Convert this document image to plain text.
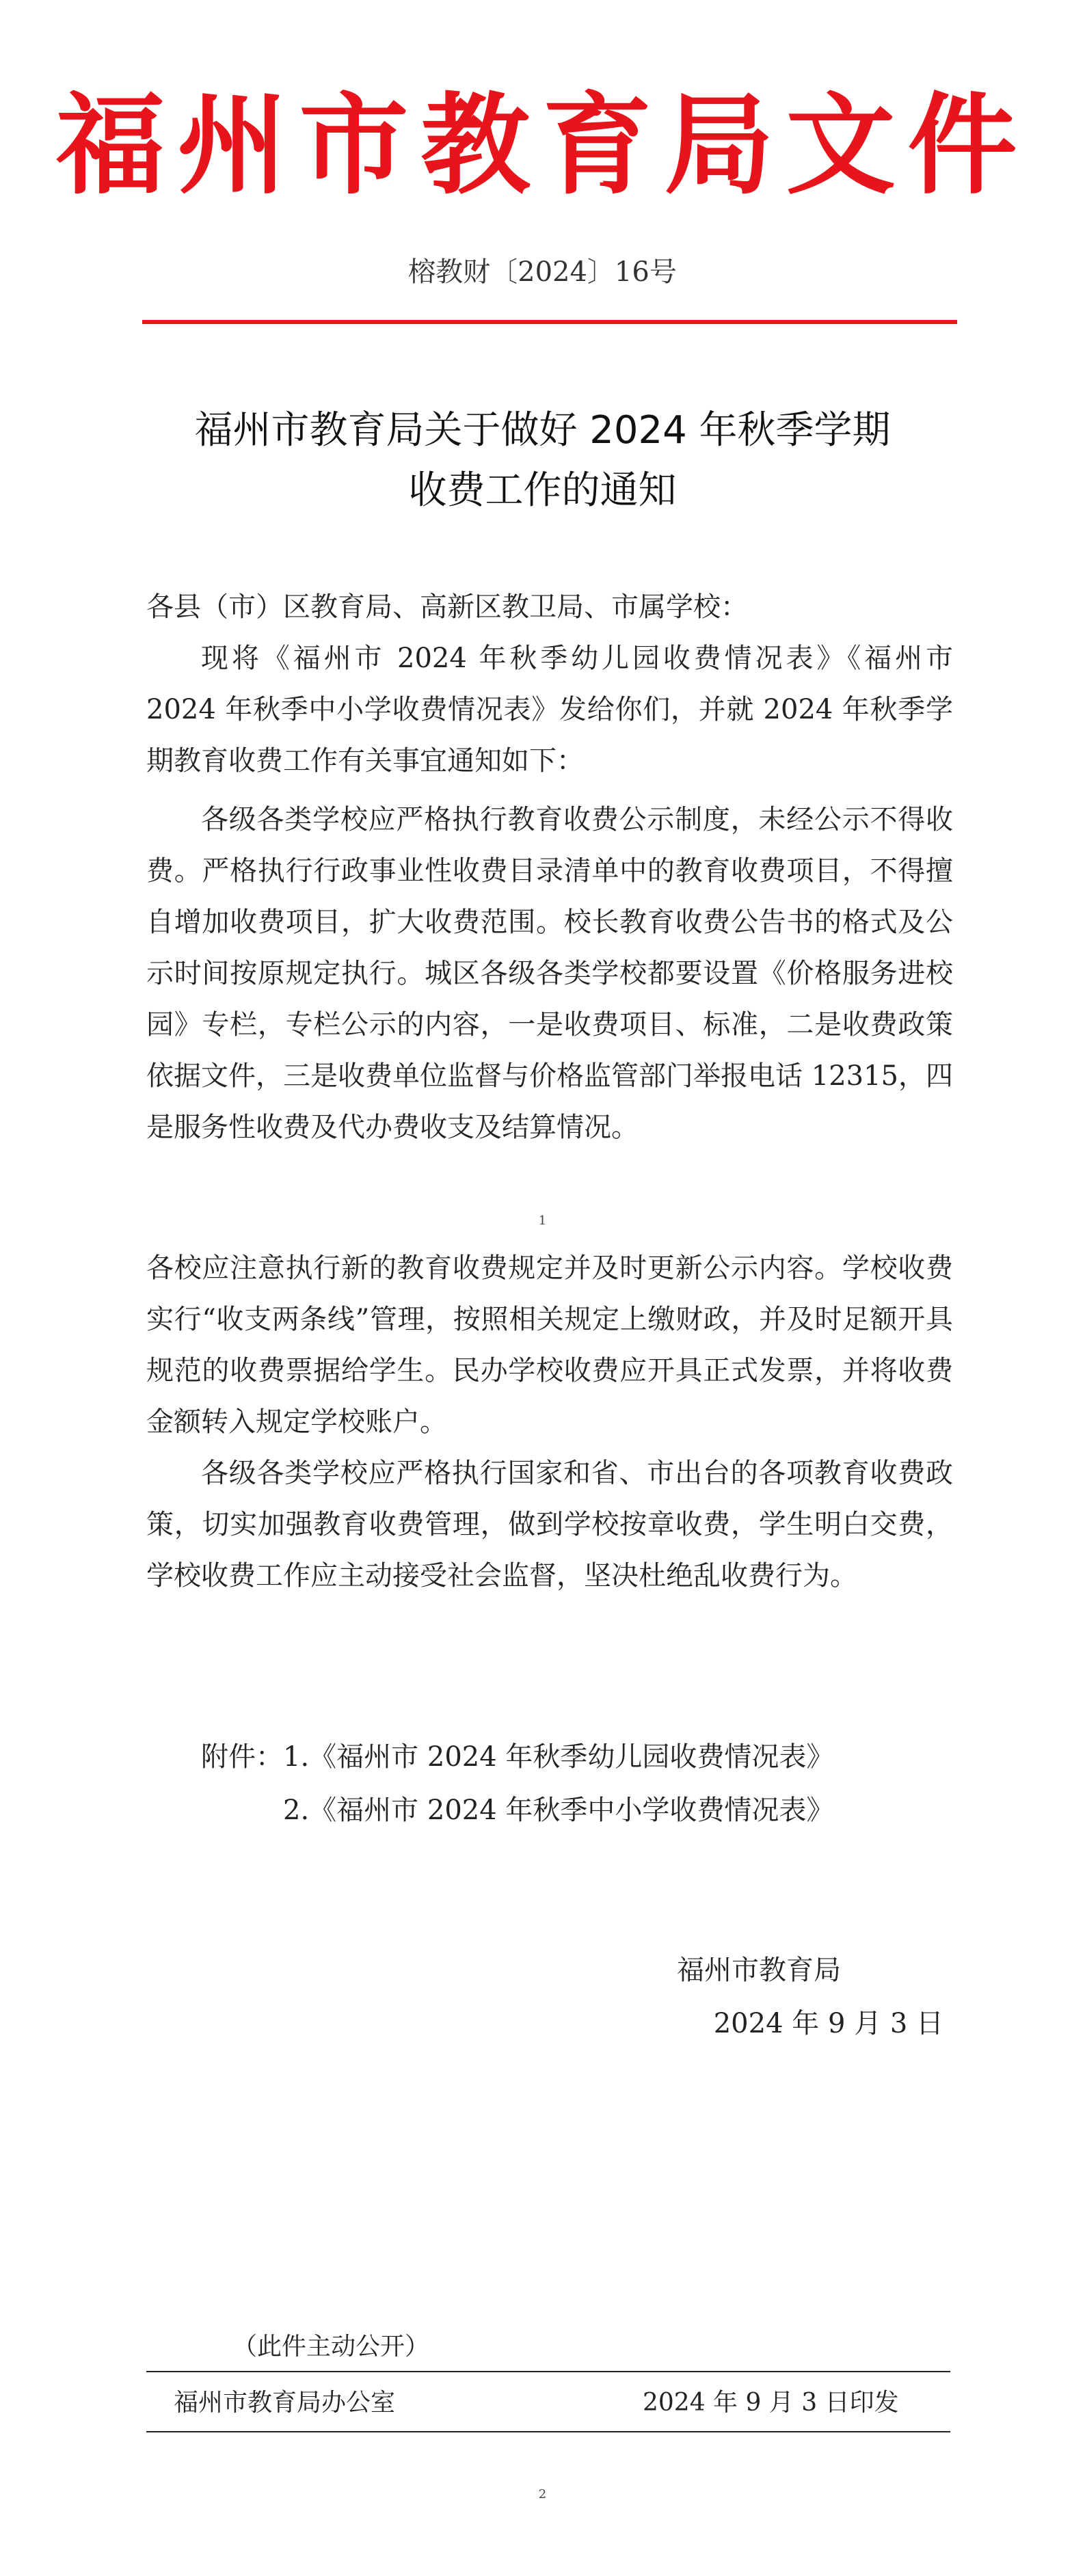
福州市教育局文件
榕教财〔2024〕16号
福州市教育局关于做好 2024 年秋季学期
收费工作的通知
各县（市）区教育局、高新区教卫局、市属学校：
现将《福州市 2024 年秋季幼儿园收费情况表》《福州市 2024 年秋季中小学收费情况表》发给你们，并就 2024 年秋季学期教育收费工作有关事宜通知如下：
各级各类学校应严格执行教育收费公示制度，未经公示不得收费。严格执行行政事业性收费目录清单中的教育收费项目，不得擅自增加收费项目，扩大收费范围。校长教育收费公告书的格式及公示时间按原规定执行。城区各级各类学校都要设置《价格服务进校园》专栏，专栏公示的内容，一是收费项目、标准，二是收费政策依据文件，三是收费单位监督与价格监管部门举报电话 12315，四是服务性收费及代办费收支及结算情况。
1
各校应注意执行新的教育收费规定并及时更新公示内容。学校收费实行“收支两条线”管理，按照相关规定上缴财政，并及时足额开具规范的收费票据给学生。民办学校收费应开具正式发票，并将收费金额转入规定学校账户。
各级各类学校应严格执行国家和省、市出台的各项教育收费政策，切实加强教育收费管理，做到学校按章收费，学生明白交费，学校收费工作应主动接受社会监督，坚决杜绝乱收费行为。
附件： 1.《福州市 2024 年秋季幼儿园收费情况表》
2.《福州市 2024 年秋季中小学收费情况表》
福州市教育局
2024 年 9 月 3 日
（此件主动公开）
福州市教育局办公室	2024 年 9 月 3 日印发
2
